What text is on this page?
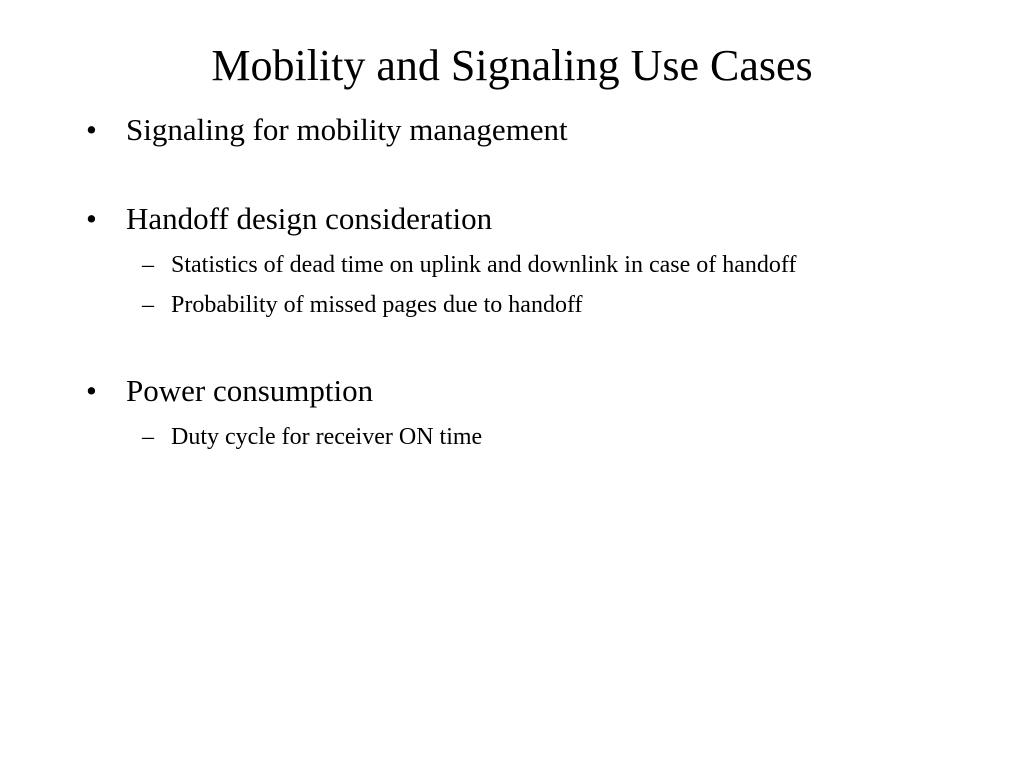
Mobility and Signaling Use Cases
• Signaling for mobility management
• Handoff design consideration
– Statistics of dead time on uplink and downlink in case of handoff
– Probability of missed pages due to handoff
• Power consumption
– Duty cycle for receiver ON time
